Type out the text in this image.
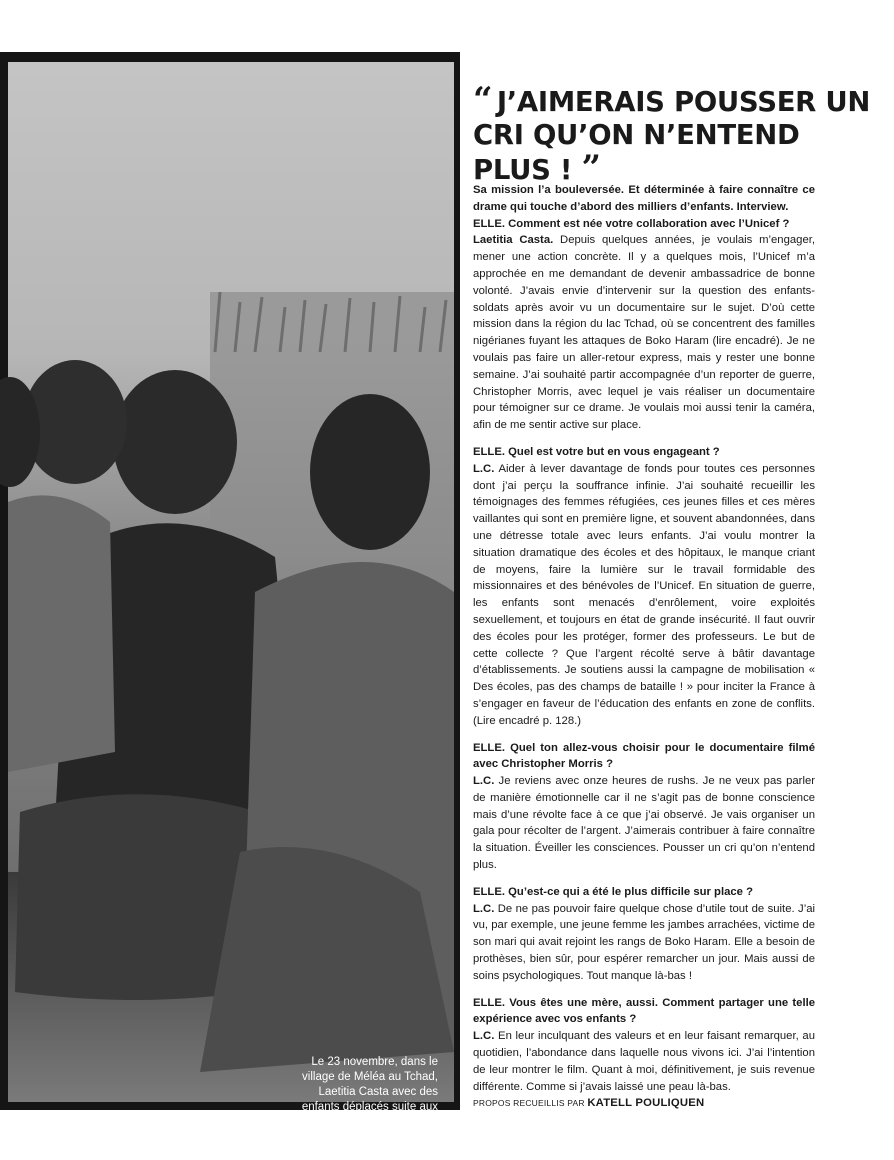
Le 23 novembre, dans le village de Méléa au Tchad, Laetitia Casta avec des enfants déplacés suite aux attaques de Boko Haram.
“ J’AIMERAIS POUSSER UN CRI QU’ON N’ENTEND PLUS ! ”

Sa mission l’a bouleversée. Et déterminée à faire connaître ce drame qui touche d’abord des milliers d’enfants. Interview.

ELLE. Comment est née votre collaboration avec l’Unicef ?

Laetitia Casta. Depuis quelques années, je voulais m’engager, mener une action concrète. Il y a quelques mois, l’Unicef m’a approchée en me demandant de devenir ambassadrice de bonne volonté. J’avais envie d’intervenir sur la question des enfants-soldats après avoir vu un documentaire sur le sujet. D’où cette mission dans la région du lac Tchad, où se concentrent des familles nigérianes fuyant les attaques de Boko Haram (lire encadré). Je ne voulais pas faire un aller-retour express, mais y rester une bonne semaine. J’ai souhaité partir accompagnée d’un reporter de guerre, Christopher Morris, avec lequel je vais réaliser un documentaire pour témoigner sur ce drame. Je voulais moi aussi tenir la caméra, afin de me sentir active sur place.

ELLE. Quel est votre but en vous engageant ?

L.C. Aider à lever davantage de fonds pour toutes ces personnes dont j’ai perçu la souffrance infinie. J’ai souhaité recueillir les témoignages des femmes réfugiées, ces jeunes filles et ces mères vaillantes qui sont en première ligne, et souvent abandonnées, dans une détresse totale avec leurs enfants. J’ai voulu montrer la situation dramatique des écoles et des hôpitaux, le manque criant de moyens, faire la lumière sur le travail formidable des missionnaires et des bénévoles de l’Unicef. En situation de guerre, les enfants sont menacés d’enrôlement, voire exploités sexuellement, et toujours en état de grande insécurité. Il faut ouvrir des écoles pour les protéger, former des professeurs. Le but de cette collecte ? Que l’argent récolté serve à bâtir davantage d’établissements. Je soutiens aussi la campagne de mobilisation « Des écoles, pas des champs de bataille ! » pour inciter la France à s’engager en faveur de l’éducation des enfants en zone de conflits. (Lire encadré p. 128.)

ELLE. Quel ton allez-vous choisir pour le documentaire filmé avec Christopher Morris ?

L.C. Je reviens avec onze heures de rushs. Je ne veux pas parler de manière émotionnelle car il ne s’agit pas de bonne conscience mais d’une révolte face à ce que j’ai observé. Je vais organiser un gala pour récolter de l’argent. J’aimerais contribuer à faire connaître la situation. Éveiller les consciences. Pousser un cri qu’on n’entend plus.

ELLE. Qu’est-ce qui a été le plus difficile sur place ?

L.C. De ne pas pouvoir faire quelque chose d’utile tout de suite. J’ai vu, par exemple, une jeune femme les jambes arrachées, victime de son mari qui avait rejoint les rangs de Boko Haram. Elle a besoin de prothèses, bien sûr, pour espérer remarcher un jour. Mais aussi de soins psychologiques. Tout manque là-bas !

ELLE. Vous êtes une mère, aussi. Comment partager une telle expérience avec vos enfants ?

L.C. En leur inculquant des valeurs et en leur faisant remarquer, au quotidien, l’abondance dans laquelle nous vivons ici. J’ai l’intention de leur montrer le film. Quant à moi, définitivement, je suis revenue différente. Comme si j’avais laissé une peau là-bas.

PROPOS RECUEILLIS PAR KATELL POULIQUEN
